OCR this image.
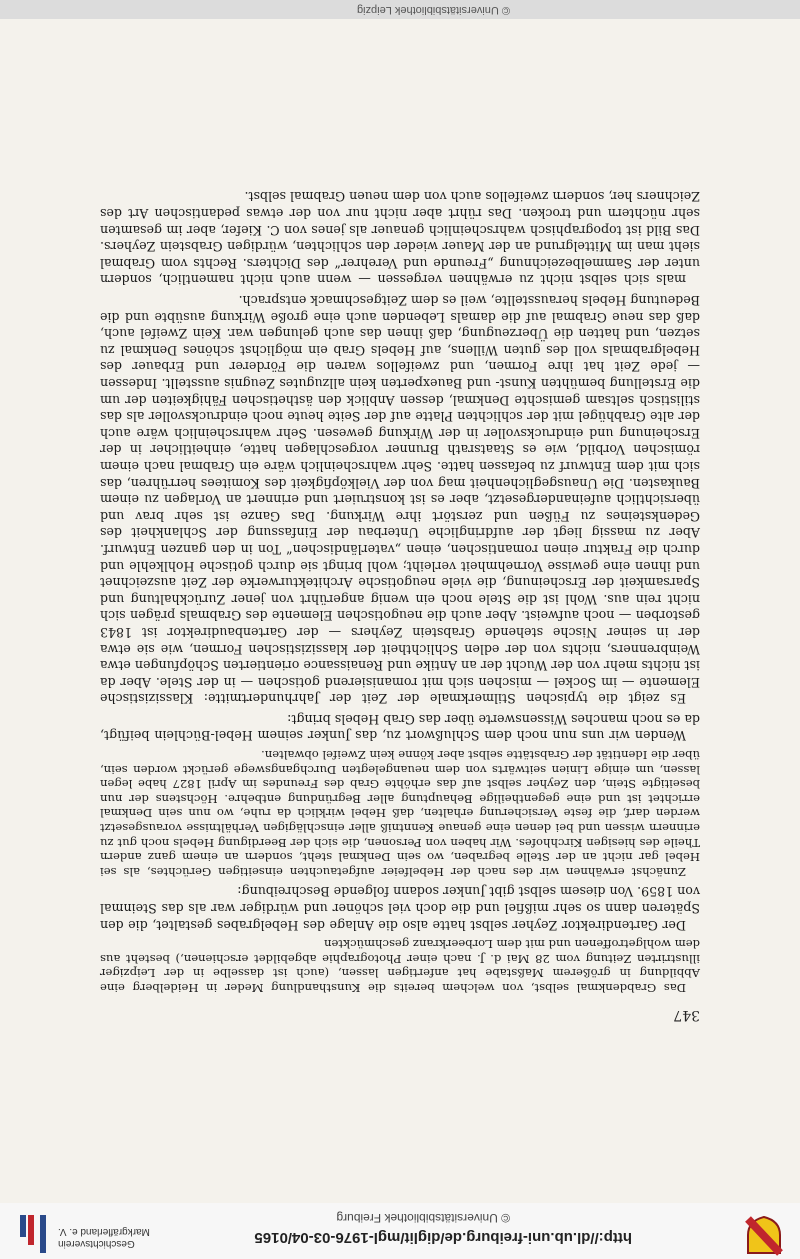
http://dl.ub.uni-freiburg.de/diglit/mgl-1976-03-04/0165
© Universitätsbibliothek Freiburg
Geschichtsverein Markgräflerland e. V.
347

Das Grabdenkmal selbst, von welchem bereits die Kunsthandlung Meder in Heidelberg eine Abbildung in größerem Maßstabe hat anfertigen lassen, (auch ist dasselbe in der Leipziger illustrirten Zeitung vom 28 Mai d. J. nach einer Photographie abgebildet erschienen,) besteht aus dem wohlgetroffenen und mit dem Lorbeerkranz geschmückten

Der Gartendirektor Zeyher selbst hatte also die Anlage des Hebelgrabes gestaltet, die den Späteren dann so sehr mißfiel und die doch viel schöner und würdiger war als das Steinmal von 1859. Von diesem selbst gibt Junker sodann folgende Beschreibung:

Zunächst erwähnen wir des nach der Hebelfeier aufgetauchten einseitigen Gerüchtes, als sei Hebel gar nicht an der Stelle begraben, wo sein Denkmal steht, sondern an einem ganz andern Theile des hiesigen Kirchhofes. Wir haben von Personen, die sich der Beerdigung Hebels noch gut zu erinnern wissen und bei denen eine genaue Kenntniß aller einschlägigen Verhältnisse vorausgesetzt werden darf, die feste Versicherung erhalten, daß Hebel wirklich da ruhe, wo nun sein Denkmal errichtet ist und eine gegentheilige Behauptung aller Begründung entbehre. Höchstens der nun beseitigte Stein, den Zeyher selbst auf das erhöhte Grab des Freundes im April 1827 habe legen lassen, um einige Linien seitwärts von dem neuangelegten Durchgangswege gerückt worden sein, über die Identität der Grabstätte selbst aber könne kein Zweifel obwalten.

Wenden wir uns nun noch dem Schlußwort zu, das Junker seinem Hebel-Büchlein beifügt, da es noch manches Wissenswerte über das Grab Hebels bringt:

Es zeigt die typischen Stilmerkmale der Zeit der Jahrhundertmitte: Klassizistische Elemente — im Sockel — mischen sich mit romanisierend gotischen — in der Stele. Aber da ist nichts mehr von der Wucht der an Antike und Renaissance orientierten Schöpfungen etwa Weinbrenners, nichts von der edlen Schlichtheit der klassizistischen Formen, wie sie etwa der in seiner Nische stehende Grabstein Zeyhers — der Gartenbaudirektor ist 1843 gestorben — noch aufweist. Aber auch die neugotischen Elemente des Grabmals prägen sich nicht rein aus. Wohl ist die Stele noch ein wenig angerührt von jener Zurückhaltung und Sparsamkeit der Erscheinung, die viele neugotische Architekturwerke der Zeit auszeichnet und ihnen eine gewisse Vornehmheit verleiht; wohl bringt sie durch gotische Hohlkehle und durch die Fraktur einen romantischen, einen „vaterländischen“ Ton in den ganzen Entwurf. Aber zu massig liegt der aufdringliche Unterbau der Einfassung der Schlankheit des Gedenksteines zu Füßen und zerstört ihre Wirkung. Das Ganze ist sehr brav und übersichtlich aufeinandergesetzt, aber es ist konstruiert und erinnert an Vorlagen zu einem Baukasten. Die Unausgeglichenheit mag von der Vielköpfigkeit des Komitees herrühren, das sich mit dem Entwurf zu befassen hatte. Sehr wahrscheinlich wäre ein Grabmal nach einem römischen Vorbild, wie es Staatsrath Brunner vorgeschlagen hatte, einheitlicher in der Erscheinung und eindrucksvoller in der Wirkung gewesen. Sehr wahrscheinlich wäre auch der alte Grabhügel mit der schlichten Platte auf der Seite heute noch eindrucksvoller als das stilistisch seltsam gemischte Denkmal, dessen Anblick den ästhetischen Fähigkeiten der um die Erstellung bemühten Kunst- und Bauexperten kein allzugutes Zeugnis ausstellt. Indessen — jede Zeit hat ihre Formen, und zweifellos waren die Förderer und Erbauer des Hebelgrabmals voll des guten Willens, auf Hebels Grab ein möglichst schönes Denkmal zu setzen, und hatten die Überzeugung, daß ihnen das auch gelungen war. Kein Zweifel auch, daß das neue Grabmal auf die damals Lebenden auch eine große Wirkung ausübte und die Bedeutung Hebels herausstellte, weil es dem Zeitgeschmack entsprach.

mals sich selbst nicht zu erwähnen vergessen — wenn auch nicht namentlich, sondern unter der Sammelbezeichnung „Freunde und Verehrer“ des Dichters. Rechts vom Grabmal sieht man im Mittelgrund an der Mauer wieder den schlichten, würdigen Grabstein Zeyhers. Das Bild ist topographisch wahrscheinlich genauer als jenes von C. Kiefer, aber im gesamten sehr nüchtern und trocken. Das rührt aber nicht nur von der etwas pedantischen Art des Zeichners her, sondern zweifellos auch von dem neuen Grabmal selbst.

© Universitätsbibliothek Leipzig
